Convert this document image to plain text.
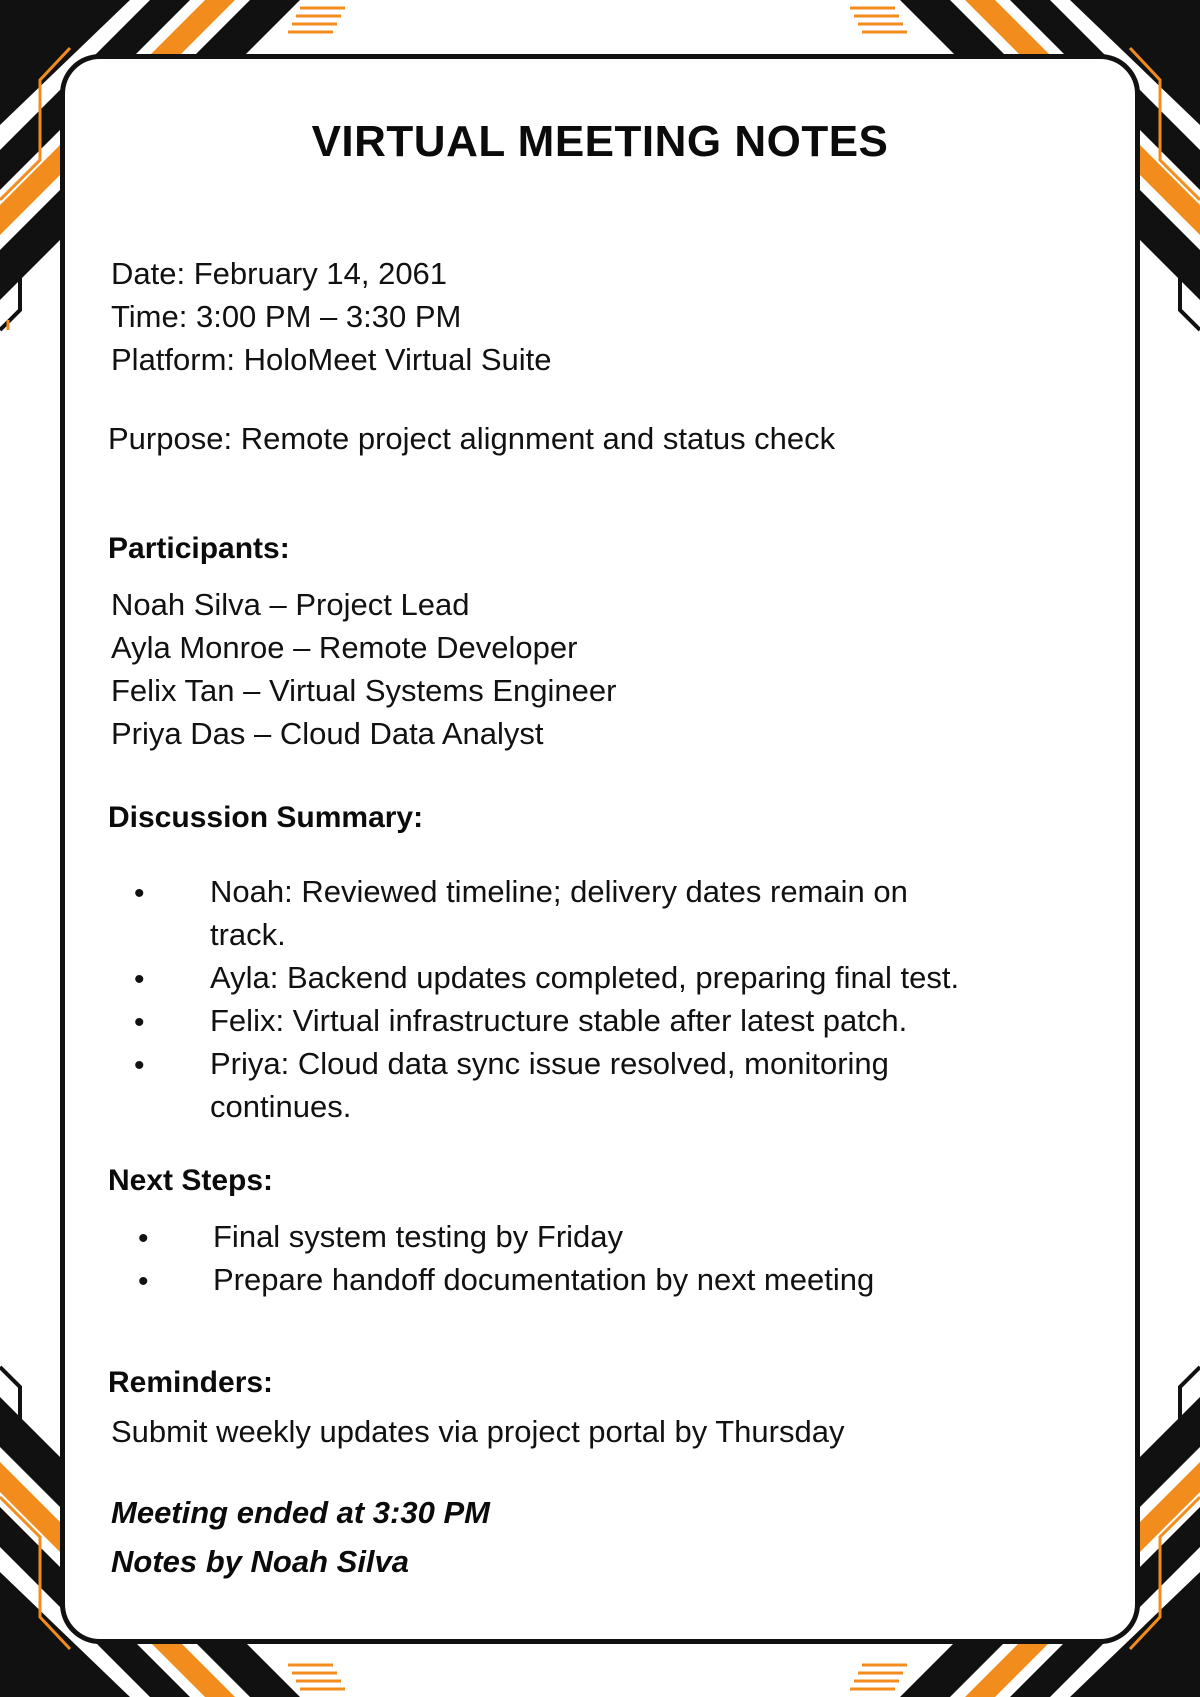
VIRTUAL MEETING NOTES
Date: February 14, 2061
Time: 3:00 PM – 3:30 PM
Platform: HoloMeet Virtual Suite
Purpose: Remote project alignment and status check
Participants:
Noah Silva – Project Lead
Ayla Monroe – Remote Developer
Felix Tan – Virtual Systems Engineer
Priya Das – Cloud Data Analyst
Discussion Summary:
• Noah: Reviewed timeline; delivery dates remain on
track.
• Ayla: Backend updates completed, preparing final test.
• Felix: Virtual infrastructure stable after latest patch.
• Priya: Cloud data sync issue resolved, monitoring
continues.
Next Steps:
• Final system testing by Friday
• Prepare handoff documentation by next meeting
Reminders:
Submit weekly updates via project portal by Thursday
Meeting ended at 3:30 PM
Notes by Noah Silva
